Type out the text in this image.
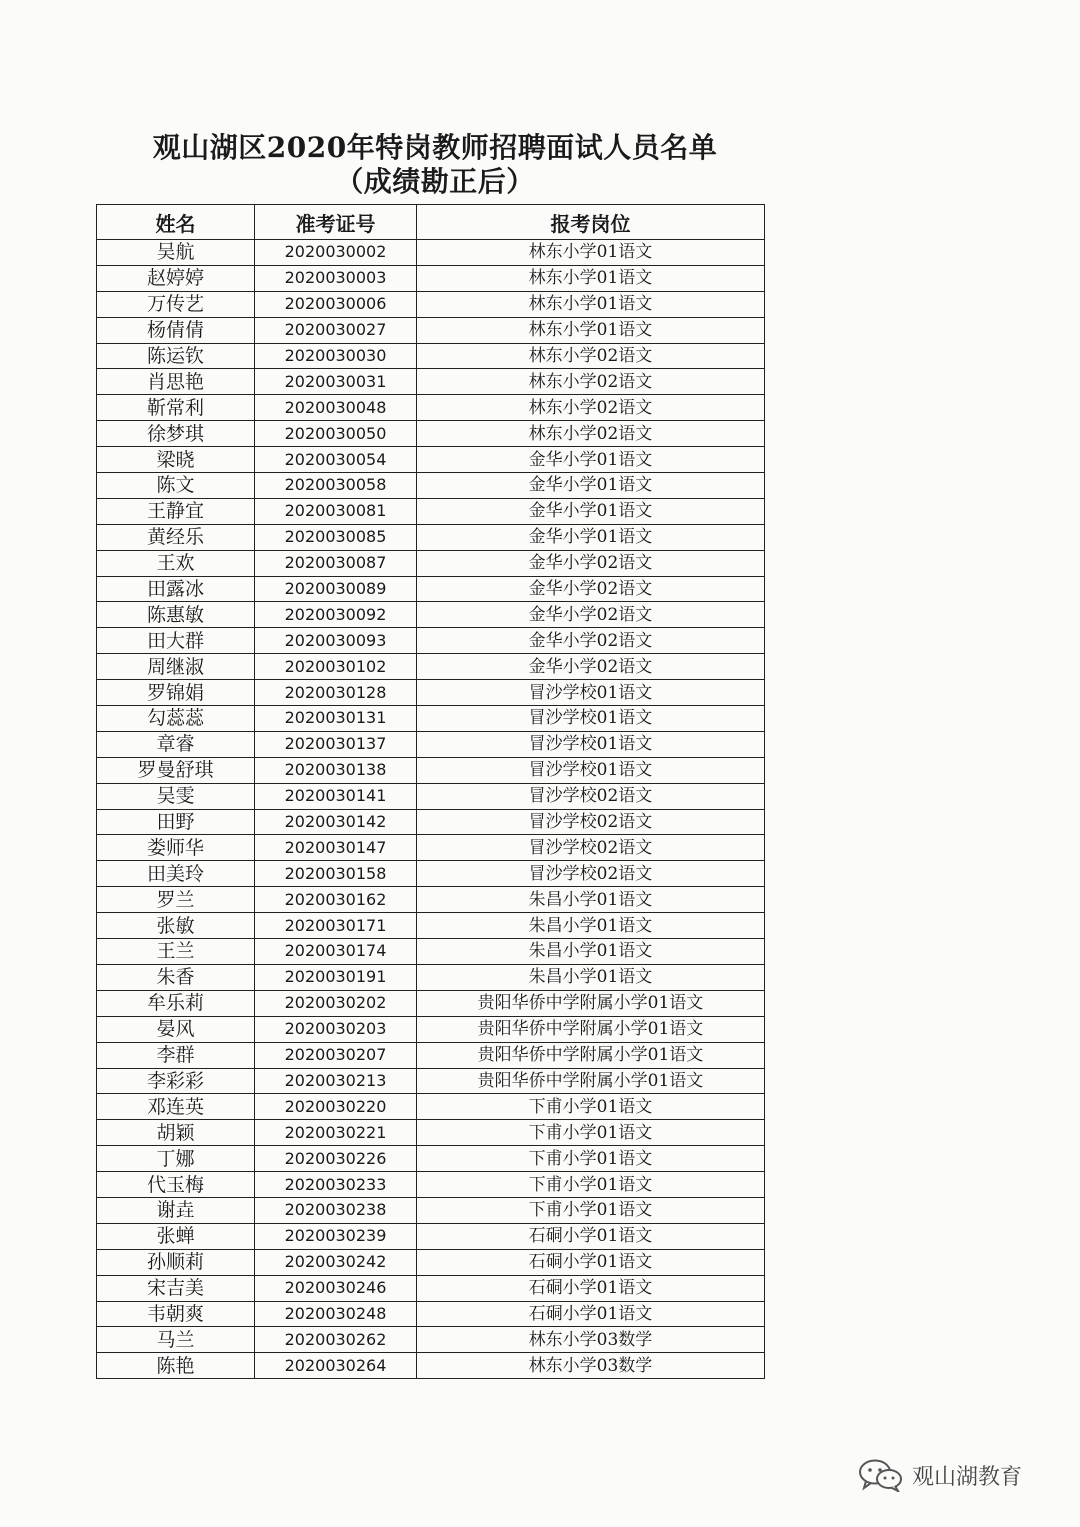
观山湖区2020年特岗教师招聘面试人员名单
（成绩勘正后）
姓名	准考证号	报考岗位
吴航	2020030002	林东小学01语文
赵婷婷	2020030003	林东小学01语文
万传艺	2020030006	林东小学01语文
杨倩倩	2020030027	林东小学01语文
陈运钦	2020030030	林东小学02语文
肖思艳	2020030031	林东小学02语文
靳常利	2020030048	林东小学02语文
徐梦琪	2020030050	林东小学02语文
梁晓	2020030054	金华小学01语文
陈文	2020030058	金华小学01语文
王静宜	2020030081	金华小学01语文
黄经乐	2020030085	金华小学01语文
王欢	2020030087	金华小学02语文
田露冰	2020030089	金华小学02语文
陈惠敏	2020030092	金华小学02语文
田大群	2020030093	金华小学02语文
周继淑	2020030102	金华小学02语文
罗锦娟	2020030128	冒沙学校01语文
勾蕊蕊	2020030131	冒沙学校01语文
章睿	2020030137	冒沙学校01语文
罗曼舒琪	2020030138	冒沙学校01语文
吴雯	2020030141	冒沙学校02语文
田野	2020030142	冒沙学校02语文
娄师华	2020030147	冒沙学校02语文
田美玲	2020030158	冒沙学校02语文
罗兰	2020030162	朱昌小学01语文
张敏	2020030171	朱昌小学01语文
王兰	2020030174	朱昌小学01语文
朱香	2020030191	朱昌小学01语文
牟乐莉	2020030202	贵阳华侨中学附属小学01语文
晏风	2020030203	贵阳华侨中学附属小学01语文
李群	2020030207	贵阳华侨中学附属小学01语文
李彩彩	2020030213	贵阳华侨中学附属小学01语文
邓连英	2020030220	下甫小学01语文
胡颖	2020030221	下甫小学01语文
丁娜	2020030226	下甫小学01语文
代玉梅	2020030233	下甫小学01语文
谢垚	2020030238	下甫小学01语文
张蝉	2020030239	石硐小学01语文
孙顺莉	2020030242	石硐小学01语文
宋吉美	2020030246	石硐小学01语文
韦朝爽	2020030248	石硐小学01语文
马兰	2020030262	林东小学03数学
陈艳	2020030264	林东小学03数学
观山湖教育
